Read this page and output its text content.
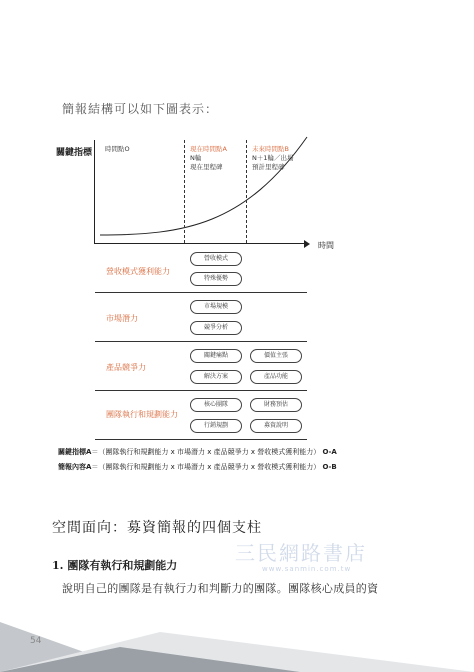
簡報結構可以如下圖表示：
關鍵指標
時間
時間點O	現在時間點A
N輪
現在里程碑
未來時間點B
N＋1輪／出場
預計里程碑
營收模式獲利能力
營收模式
特殊優勢
市場潛力
市場規模
競爭分析
產品競爭力
關鍵痛點	價值主張
解決方案	產品功能
團隊執行和規劃能力
核心團隊	財務預估
行銷規劃	募資說明
關鍵指標A＝（團隊執行和規劃能力 x 市場潛力 x 產品競爭力 x 營收模式獲利能力） O-A
簡報內容A＝（團隊執行和規劃能力 x 市場潛力 x 產品競爭力 x 營收模式獲利能力） O-B
空間面向：募資簡報的四個支柱
三民網路書店
www.sanmin.com.tw
1. 團隊有執行和規劃能力
說明自己的團隊是有執行力和判斷力的團隊。團隊核心成員的資
54
